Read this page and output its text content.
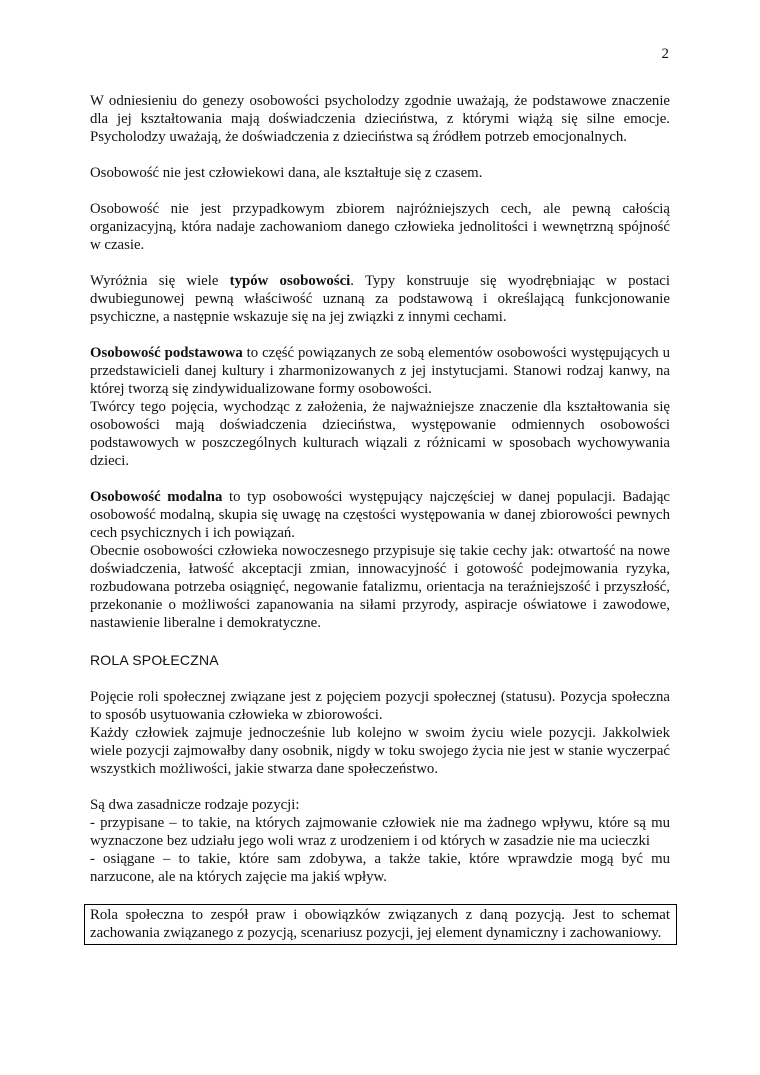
2

W odniesieniu do genezy osobowości psycholodzy zgodnie uważają, że podstawowe znaczenie dla jej kształtowania mają doświadczenia dzieciństwa, z którymi wiążą się silne emocje. Psycholodzy uważają, że doświadczenia z dzieciństwa są źródłem potrzeb emocjonalnych.

Osobowość nie jest człowiekowi dana, ale kształtuje się z czasem.

Osobowość nie jest przypadkowym zbiorem najróżniejszych cech, ale pewną całością organizacyjną, która nadaje zachowaniom danego człowieka jednolitości i wewnętrzną spójność w czasie.

Wyróżnia się wiele typów osobowości. Typy konstruuje się wyodrębniając w postaci dwubiegunowej pewną właściwość uznaną za podstawową i określającą funkcjonowanie psychiczne, a następnie wskazuje się na jej związki z innymi cechami.

Osobowość podstawowa to część powiązanych ze sobą elementów osobowości występujących u przedstawicieli danej kultury i zharmonizowanych z jej instytucjami. Stanowi rodzaj kanwy, na której tworzą się zindywidualizowane formy osobowości.

Twórcy tego pojęcia, wychodząc z założenia, że najważniejsze znaczenie dla kształtowania się osobowości mają doświadczenia dzieciństwa, występowanie odmiennych osobowości podstawowych w poszczególnych kulturach wiązali z różnicami w sposobach wychowywania dzieci.

Osobowość modalna to typ osobowości występujący najczęściej w danej populacji. Badając osobowość modalną, skupia się uwagę na częstości występowania w danej zbiorowości pewnych cech psychicznych i ich powiązań.

Obecnie osobowości człowieka nowoczesnego przypisuje się takie cechy jak: otwartość na nowe doświadczenia, łatwość akceptacji zmian, innowacyjność i gotowość podejmowania ryzyka, rozbudowana potrzeba osiągnięć, negowanie fatalizmu, orientacja na teraźniejszość i przyszłość, przekonanie o możliwości zapanowania na siłami przyrody, aspiracje oświatowe i zawodowe, nastawienie liberalne i demokratyczne.

ROLA SPOŁECZNA

Pojęcie roli społecznej związane jest z pojęciem pozycji społecznej (statusu). Pozycja społeczna to sposób usytuowania człowieka w zbiorowości.

Każdy człowiek zajmuje jednocześnie lub kolejno w swoim życiu wiele pozycji. Jakkolwiek wiele pozycji zajmowałby dany osobnik, nigdy w toku swojego życia nie jest w stanie wyczerpać wszystkich możliwości, jakie stwarza dane społeczeństwo.

Są dwa zasadnicze rodzaje pozycji:

- przypisane – to takie, na których zajmowanie człowiek nie ma żadnego wpływu, które są mu wyznaczone bez udziału jego woli wraz z urodzeniem i od których w zasadzie nie ma ucieczki

- osiągane – to takie, które sam zdobywa, a także takie, które wprawdzie mogą być mu narzucone, ale na których zajęcie ma jakiś wpływ.

Rola społeczna to zespół praw i obowiązków związanych z daną pozycją. Jest to schemat zachowania związanego z pozycją, scenariusz pozycji, jej element dynamiczny i zachowaniowy.
